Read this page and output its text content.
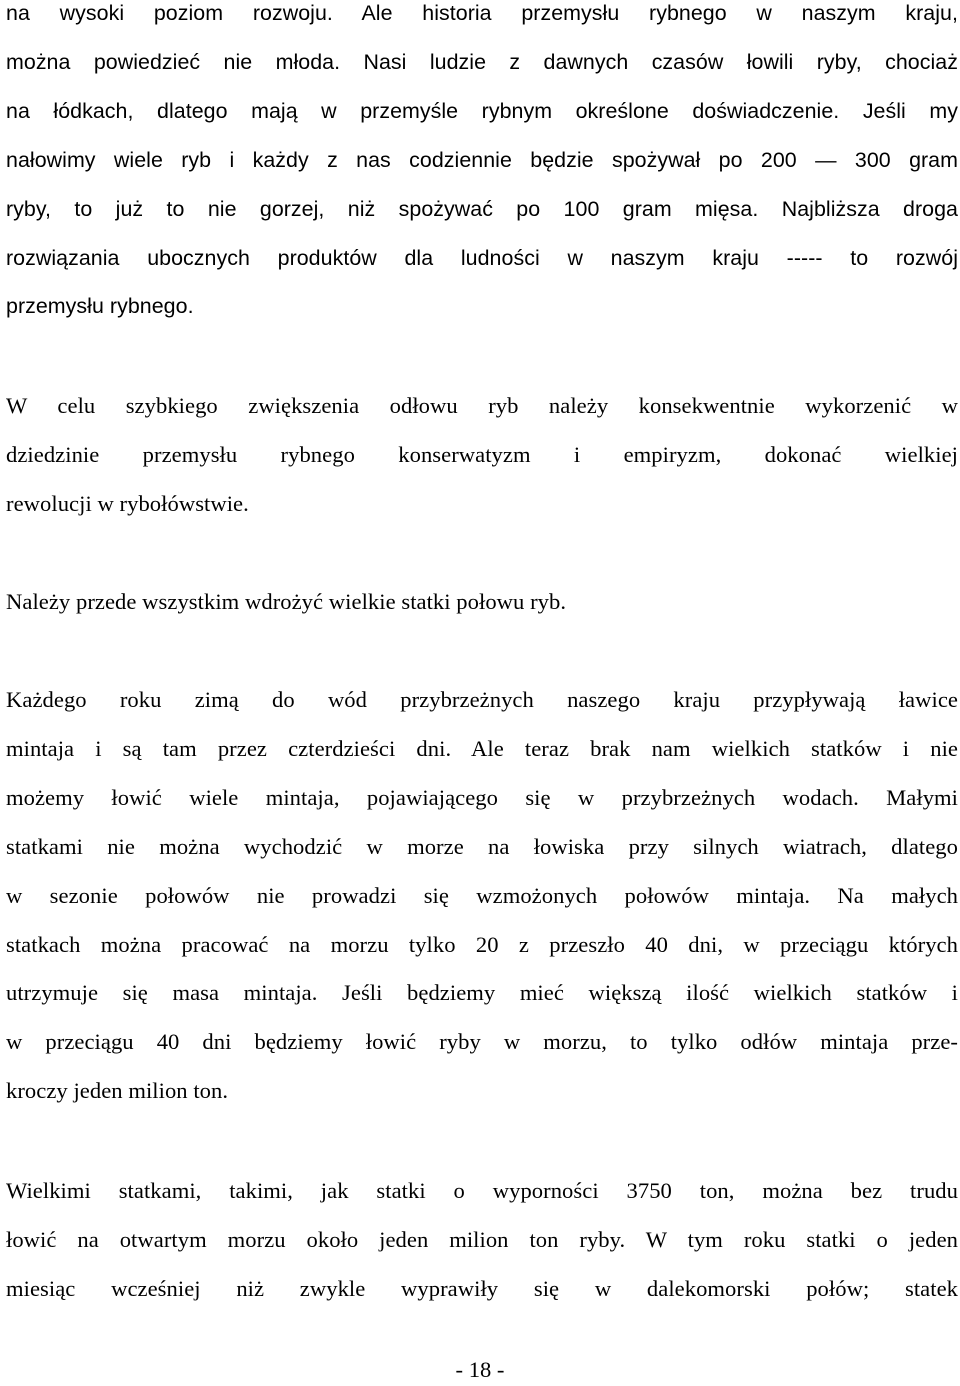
na wysoki poziom rozwoju. Ale historia przemysłu rybnego w naszym kraju,
można powiedzieć nie młoda. Nasi ludzie z dawnych czasów łowili ryby, chociaż
na łódkach, dlatego mają w przemyśle rybnym określone doświadczenie. Jeśli my
nałowimy wiele ryb i każdy z nas codziennie będzie spożywał po 200 — 300 gram
ryby, to już to nie gorzej, niż spożywać po 100 gram mięsa. Najbliższa droga
rozwiązania ubocznych produktów dla ludności w naszym kraju ----- to rozwój
przemysłu rybnego.
W celu szybkiego zwiększenia odłowu ryb należy konsekwentnie wykorzenić w
dziedzinie przemysłu rybnego konserwatyzm i empiryzm, dokonać wielkiej
rewolucji w rybołówstwie.
Należy przede wszystkim wdrożyć wielkie statki połowu ryb.
Każdego roku zimą do wód przybrzeżnych naszego kraju przypływają ławice
mintaja i są tam przez czterdzieści dni. Ale teraz brak nam wielkich statków i nie
możemy łowić wiele mintaja, pojawiającego się w przybrzeżnych wodach. Małymi
statkami nie można wychodzić w morze na łowiska przy silnych wiatrach, dlatego
w sezonie połowów nie prowadzi się wzmożonych połowów mintaja. Na małych
statkach można pracować na morzu tylko 20 z przeszło 40 dni, w przeciągu których
utrzymuje się masa mintaja. Jeśli będziemy mieć większą ilość wielkich statków i
w przeciągu 40 dni będziemy łowić ryby w morzu, to tylko odłów mintaja prze-
kroczy jeden milion ton.
Wielkimi statkami, takimi, jak statki o wyporności 3750 ton, można bez trudu
łowić na otwartym morzu około jeden milion ton ryby. W tym roku statki o jeden
miesiąc wcześniej niż zwykle wyprawiły się w dalekomorski połów; statek
- 18 -
